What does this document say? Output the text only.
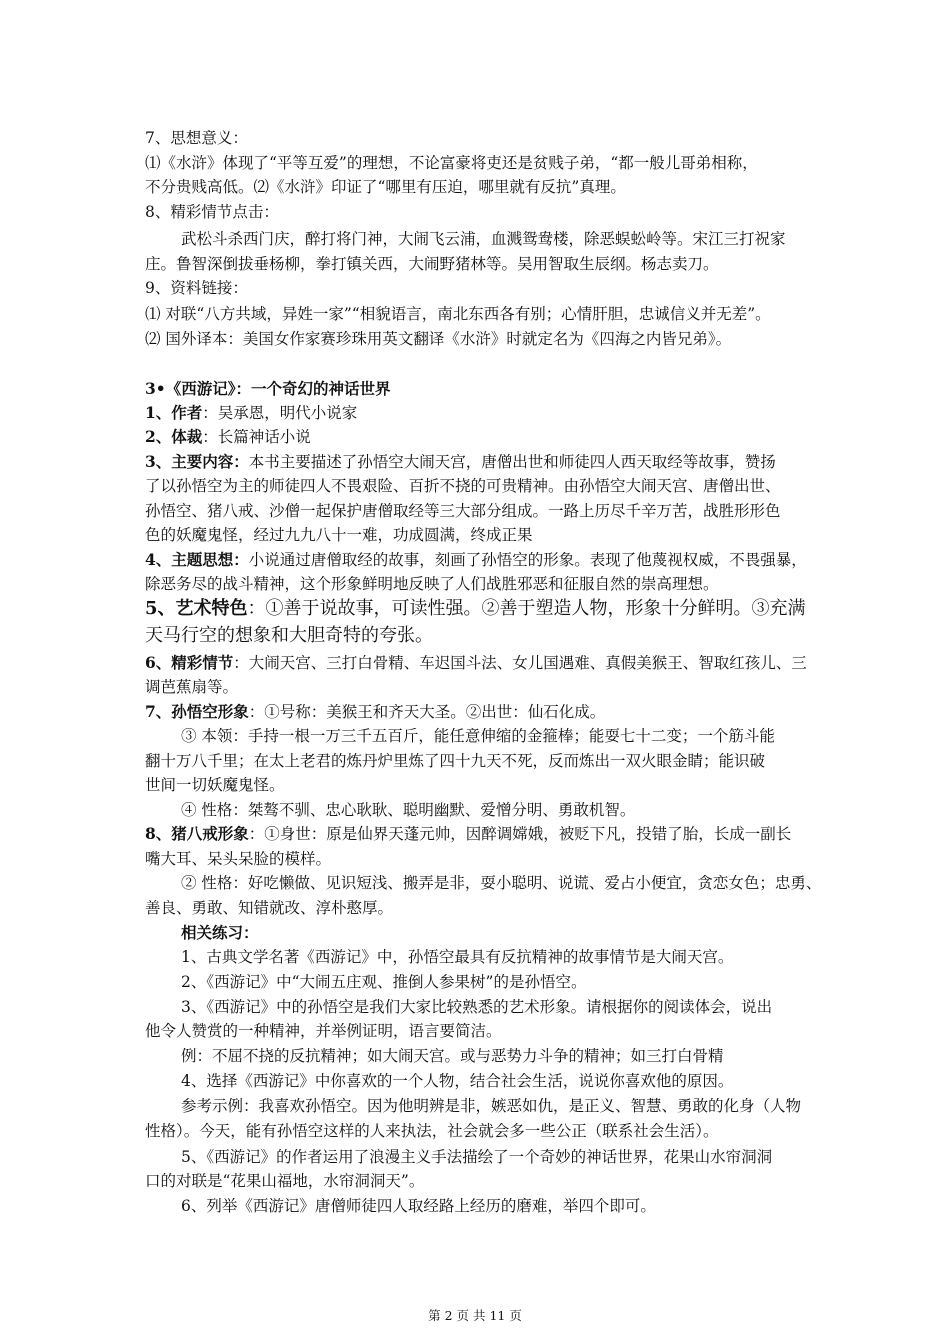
7、思想意义：
⑴《水浒》体现了“平等互爱”的理想，不论富豪将吏还是贫贱子弟，“都一般儿哥弟相称，
不分贵贱高低。⑵《水浒》印证了“哪里有压迫，哪里就有反抗”真理。
8、精彩情节点击：
武松斗杀西门庆，醉打将门神，大闹飞云浦，血溅鸳鸯楼，除恶蜈蚣岭等。宋江三打祝家
庄。鲁智深倒拔垂杨柳，拳打镇关西，大闹野猪林等。吴用智取生辰纲。杨志卖刀。
9、资料链接：
⑴ 对联“八方共域，异姓一家”“相貌语言，南北东西各有别；心情肝胆，忠诚信义并无差”。
⑵ 国外译本：美国女作家赛珍珠用英文翻译《水浒》时就定名为《四海之内皆兄弟》。
3•《西游记》：一个奇幻的神话世界
1、作者：吴承恩，明代小说家
2、体裁：长篇神话小说
3、主要内容：本书主要描述了孙悟空大闹天宫，唐僧出世和师徒四人西天取经等故事，赞扬
了以孙悟空为主的师徒四人不畏艰险、百折不挠的可贵精神。由孙悟空大闹天宫、唐僧出世、
孙悟空、猪八戒、沙僧一起保护唐僧取经等三大部分组成。一路上历尽千辛万苦，战胜形形色
色的妖魔鬼怪，经过九九八十一难，功成圆满，终成正果
4、主题思想：小说通过唐僧取经的故事，刻画了孙悟空的形象。表现了他蔑视权威，不畏强暴，
除恶务尽的战斗精神，这个形象鲜明地反映了人们战胜邪恶和征服自然的崇高理想。
5、艺术特色：①善于说故事，可读性强。②善于塑造人物，形象十分鲜明。③充满
天马行空的想象和大胆奇特的夸张。
6、精彩情节：大闹天宫、三打白骨精、车迟国斗法、女儿国遇难、真假美猴王、智取红孩儿、三
调芭蕉扇等。
7、孙悟空形象：①号称：美猴王和齐天大圣。②出世：仙石化成。
③ 本领：手持一根一万三千五百斤，能任意伸缩的金箍棒；能耍七十二变；一个筋斗能
翻十万八千里；在太上老君的炼丹炉里炼了四十九天不死，反而炼出一双火眼金睛；能识破
世间一切妖魔鬼怪。
④ 性格：桀骜不驯、忠心耿耿、聪明幽默、爱憎分明、勇敢机智。
8、猪八戒形象：①身世：原是仙界天蓬元帅，因醉调嫦娥，被贬下凡，投错了胎，长成一副长
嘴大耳、呆头呆脸的模样。
② 性格：好吃懒做、见识短浅、搬弄是非，耍小聪明、说谎、爱占小便宜，贪恋女色；忠勇、
善良、勇敢、知错就改、淳朴憨厚。
相关练习：
1、古典文学名著《西游记》中，孙悟空最具有反抗精神的故事情节是大闹天宫。
2、《西游记》中“大闹五庄观、推倒人参果树”的是孙悟空。
3、《西游记》中的孙悟空是我们大家比较熟悉的艺术形象。请根据你的阅读体会，说出
他令人赞赏的一种精神，并举例证明，语言要简洁。
例：不屈不挠的反抗精神；如大闹天宫。或与恶势力斗争的精神；如三打白骨精
4、选择《西游记》中你喜欢的一个人物，结合社会生活，说说你喜欢他的原因。
参考示例：我喜欢孙悟空。因为他明辨是非，嫉恶如仇，是正义、智慧、勇敢的化身（人物
性格）。今天，能有孙悟空这样的人来执法，社会就会多一些公正（联系社会生活）。
5、《西游记》的作者运用了浪漫主义手法描绘了一个奇妙的神话世界，花果山水帘洞洞
口的对联是“花果山福地，水帘洞洞天”。
6、列举《西游记》唐僧师徒四人取经路上经历的磨难，举四个即可。
第 2 页 共 11 页
